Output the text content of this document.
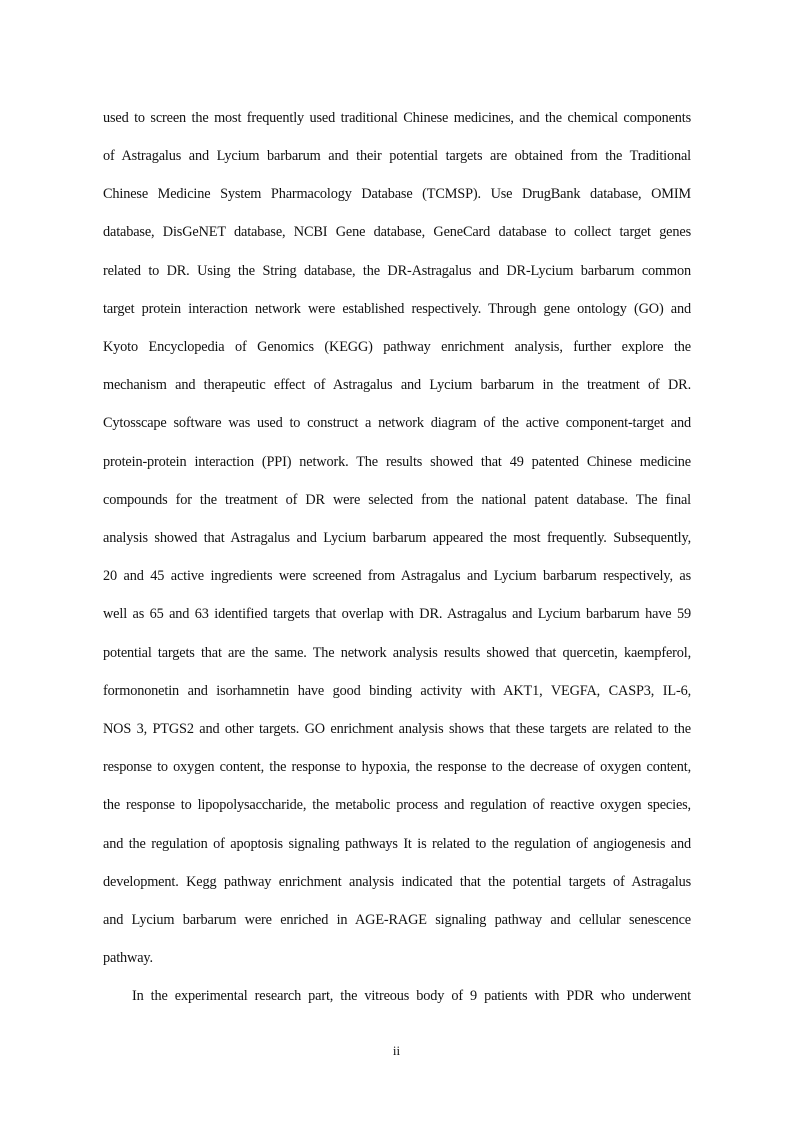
used to screen the most frequently used traditional Chinese medicines, and the chemical components
of Astragalus and Lycium barbarum and their potential targets are obtained from the Traditional
Chinese Medicine System Pharmacology Database (TCMSP). Use DrugBank database, OMIM
database, DisGeNET database, NCBI Gene database, GeneCard database to collect target genes
related to DR. Using the String database, the DR-Astragalus and DR-Lycium barbarum common
target protein interaction network were established respectively. Through gene ontology (GO) and
Kyoto Encyclopedia of Genomics (KEGG) pathway enrichment analysis, further explore the
mechanism and therapeutic effect of Astragalus and Lycium barbarum in the treatment of DR.
Cytosscape software was used to construct a network diagram of the active component-target and
protein-protein interaction (PPI) network. The results showed that 49 patented Chinese medicine
compounds for the treatment of DR were selected from the national patent database. The final
analysis showed that Astragalus and Lycium barbarum appeared the most frequently. Subsequently,
20 and 45 active ingredients were screened from Astragalus and Lycium barbarum respectively, as
well as 65 and 63 identified targets that overlap with DR. Astragalus and Lycium barbarum have 59
potential targets that are the same. The network analysis results showed that quercetin, kaempferol,
formononetin and isorhamnetin have good binding activity with AKT1, VEGFA, CASP3, IL-6,
NOS 3, PTGS2 and other targets. GO enrichment analysis shows that these targets are related to the
response to oxygen content, the response to hypoxia, the response to the decrease of oxygen content,
the response to lipopolysaccharide, the metabolic process and regulation of reactive oxygen species,
and the regulation of apoptosis signaling pathways It is related to the regulation of angiogenesis and
development. Kegg pathway enrichment analysis indicated that the potential targets of Astragalus
and Lycium barbarum were enriched in AGE-RAGE signaling pathway and cellular senescence
pathway.
In the experimental research part, the vitreous body of 9 patients with PDR who underwent
ii
